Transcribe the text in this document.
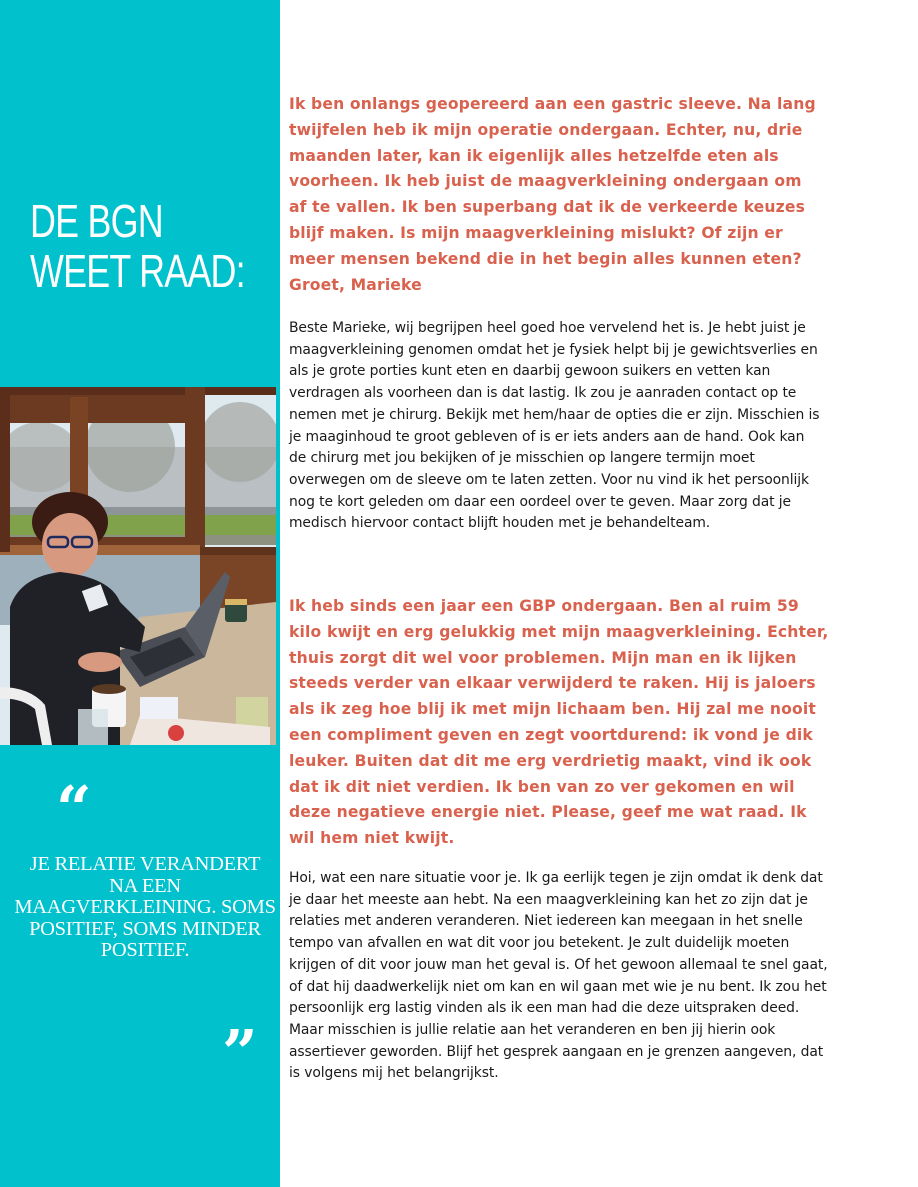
DE BGN
WEET RAAD:
“
JE RELATIE VERANDERT NA EEN MAAGVERKLEINING. SOMS POSITIEF, SOMS MINDER POSITIEF.
”

Ik ben onlangs geopereerd aan een gastric sleeve. Na lang twijfelen heb ik mijn operatie ondergaan. Echter, nu, drie maanden later, kan ik eigenlijk alles hetzelfde eten als voorheen. Ik heb juist de maagverkleining ondergaan om af te vallen. Ik ben superbang dat ik de verkeerde keuzes blijf maken. Is mijn maagverkleining mislukt? Of zijn er meer mensen bekend die in het begin alles kunnen eten? Groet, Marieke

Beste Marieke, wij begrijpen heel goed hoe vervelend het is. Je hebt juist je maagverkleining genomen omdat het je fysiek helpt bij je gewichtsverlies en als je grote porties kunt eten en daarbij gewoon suikers en vetten kan verdragen als voorheen dan is dat lastig. Ik zou je aanraden contact op te nemen met je chirurg. Bekijk met hem/haar de opties die er zijn. Misschien is je maaginhoud te groot gebleven of is er iets anders aan de hand. Ook kan de chirurg met jou bekijken of je misschien op langere termijn moet overwegen om de sleeve om te laten zetten. Voor nu vind ik het persoonlijk nog te kort geleden om daar een oordeel over te geven. Maar zorg dat je medisch hiervoor contact blijft houden met je behandelteam.

Ik heb sinds een jaar een GBP ondergaan. Ben al ruim 59 kilo kwijt en erg gelukkig met mijn maagverkleining. Echter, thuis zorgt dit wel voor problemen. Mijn man en ik lijken steeds verder van elkaar verwijderd te raken. Hij is jaloers als ik zeg hoe blij ik met mijn lichaam ben. Hij zal me nooit een compliment geven en zegt voortdurend: ik vond je dik leuker. Buiten dat dit me erg verdrietig maakt, vind ik ook dat ik dit niet verdien. Ik ben van zo ver gekomen en wil deze negatieve energie niet. Please, geef me wat raad. Ik wil hem niet kwijt.

Hoi, wat een nare situatie voor je. Ik ga eerlijk tegen je zijn omdat ik denk dat je daar het meeste aan hebt. Na een maagverkleining kan het zo zijn dat je relaties met anderen veranderen. Niet iedereen kan meegaan in het snelle tempo van afvallen en wat dit voor jou betekent. Je zult duidelijk moeten krijgen of dit voor jouw man het geval is. Of het gewoon allemaal te snel gaat, of dat hij daadwerkelijk niet om kan en wil gaan met wie je nu bent. Ik zou het persoonlijk erg lastig vinden als ik een man had die deze uitspraken deed. Maar misschien is jullie relatie aan het veranderen en ben jij hierin ook assertiever geworden. Blijf het gesprek aangaan en je grenzen aangeven, dat is volgens mij het belangrijkst.
